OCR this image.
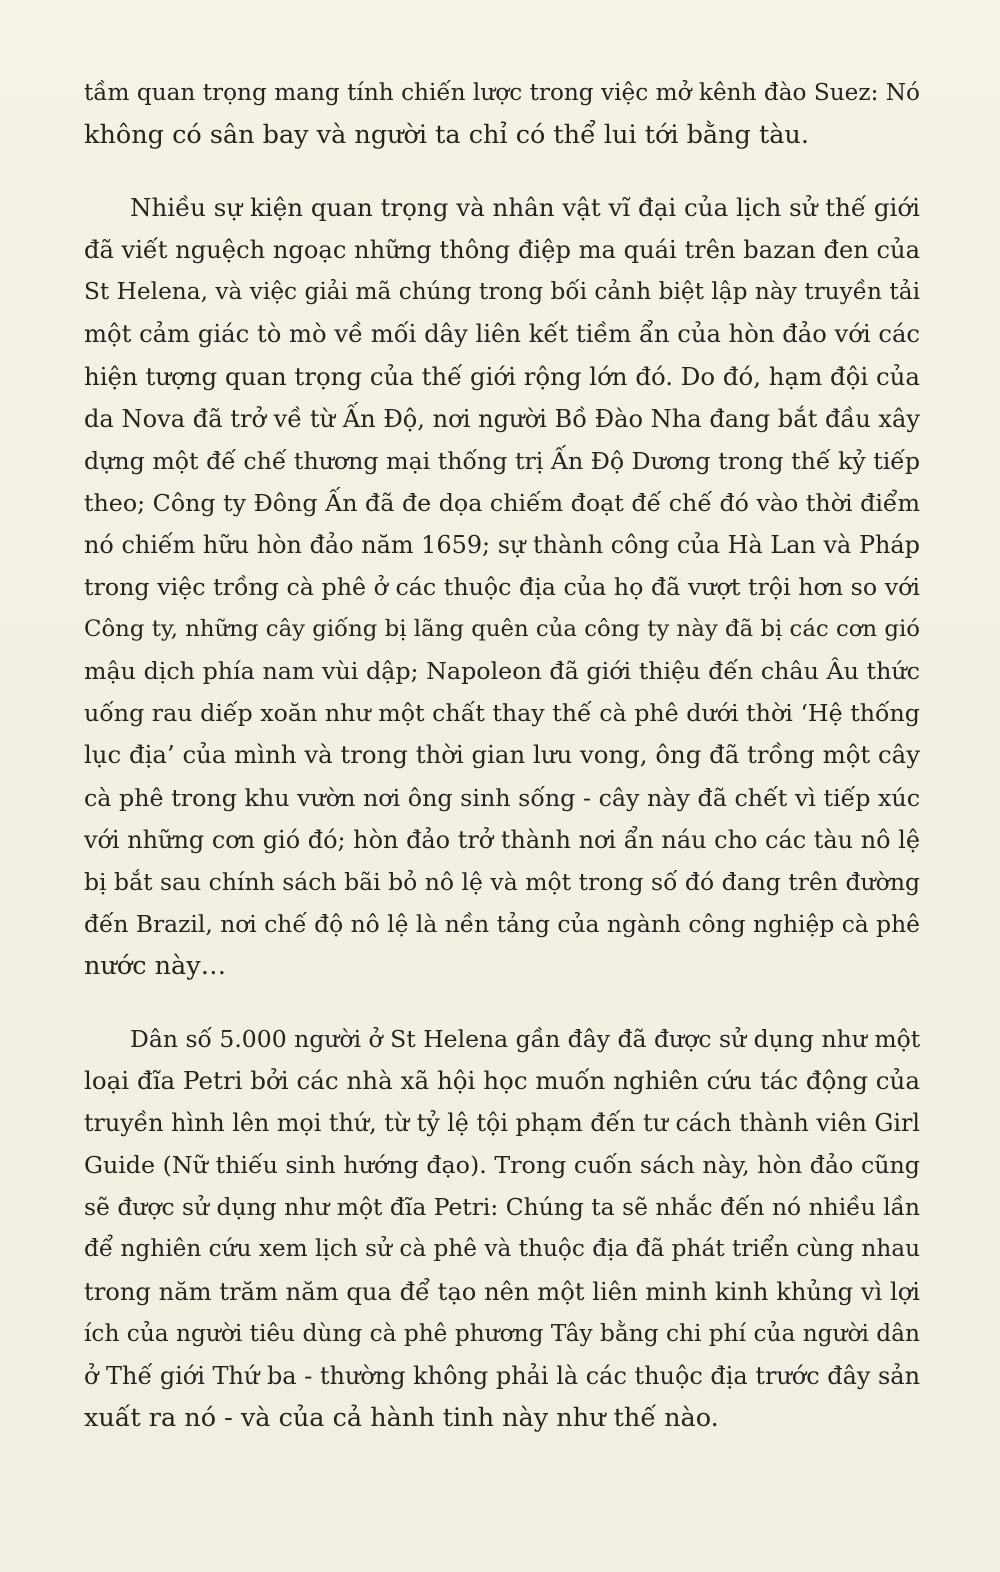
tầm quan trọng mang tính chiến lược trong việc mở kênh đào Suez: Nó
không có sân bay và người ta chỉ có thể lui tới bằng tàu.

Nhiều sự kiện quan trọng và nhân vật vĩ đại của lịch sử thế giới
đã viết nguệch ngoạc những thông điệp ma quái trên bazan đen của
St Helena, và việc giải mã chúng trong bối cảnh biệt lập này truyền tải
một cảm giác tò mò về mối dây liên kết tiềm ẩn của hòn đảo với các
hiện tượng quan trọng của thế giới rộng lớn đó. Do đó, hạm đội của
da Nova đã trở về từ Ấn Độ, nơi người Bồ Đào Nha đang bắt đầu xây
dựng một đế chế thương mại thống trị Ấn Độ Dương trong thế kỷ tiếp
theo; Công ty Đông Ấn đã đe dọa chiếm đoạt đế chế đó vào thời điểm
nó chiếm hữu hòn đảo năm 1659; sự thành công của Hà Lan và Pháp
trong việc trồng cà phê ở các thuộc địa của họ đã vượt trội hơn so với
Công ty, những cây giống bị lãng quên của công ty này đã bị các cơn gió
mậu dịch phía nam vùi dập; Napoleon đã giới thiệu đến châu Âu thức
uống rau diếp xoăn như một chất thay thế cà phê dưới thời ‘Hệ thống
lục địa’ của mình và trong thời gian lưu vong, ông đã trồng một cây
cà phê trong khu vườn nơi ông sinh sống - cây này đã chết vì tiếp xúc
với những cơn gió đó; hòn đảo trở thành nơi ẩn náu cho các tàu nô lệ
bị bắt sau chính sách bãi bỏ nô lệ và một trong số đó đang trên đường
đến Brazil, nơi chế độ nô lệ là nền tảng của ngành công nghiệp cà phê
nước này…

Dân số 5.000 người ở St Helena gần đây đã được sử dụng như một
loại đĩa Petri bởi các nhà xã hội học muốn nghiên cứu tác động của
truyền hình lên mọi thứ, từ tỷ lệ tội phạm đến tư cách thành viên Girl
Guide (Nữ thiếu sinh hướng đạo). Trong cuốn sách này, hòn đảo cũng
sẽ được sử dụng như một đĩa Petri: Chúng ta sẽ nhắc đến nó nhiều lần
để nghiên cứu xem lịch sử cà phê và thuộc địa đã phát triển cùng nhau
trong năm trăm năm qua để tạo nên một liên minh kinh khủng vì lợi
ích của người tiêu dùng cà phê phương Tây bằng chi phí của người dân
ở Thế giới Thứ ba - thường không phải là các thuộc địa trước đây sản
xuất ra nó - và của cả hành tinh này như thế nào.
